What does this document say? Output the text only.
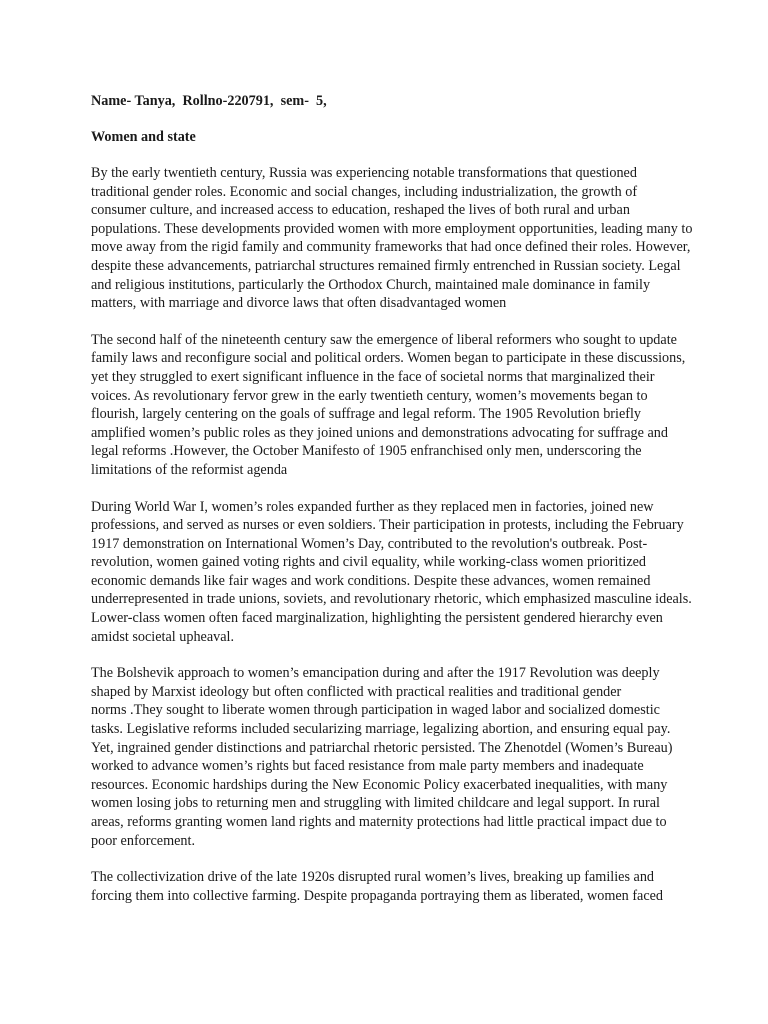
Name- Tanya,  Rollno-220791,  sem-  5,
Women and state
By the early twentieth century, Russia was experiencing notable transformations that questioned
traditional gender roles. Economic and social changes, including industrialization, the growth of
consumer culture, and increased access to education, reshaped the lives of both rural and urban
populations. These developments provided women with more employment opportunities, leading many to
move away from the rigid family and community frameworks that had once defined their roles. However,
despite these advancements, patriarchal structures remained firmly entrenched in Russian society. Legal
and religious institutions, particularly the Orthodox Church, maintained male dominance in family
matters, with marriage and divorce laws that often disadvantaged women
The second half of the nineteenth century saw the emergence of liberal reformers who sought to update
family laws and reconfigure social and political orders. Women began to participate in these discussions,
yet they struggled to exert significant influence in the face of societal norms that marginalized their
voices. As revolutionary fervor grew in the early twentieth century, women’s movements began to
flourish, largely centering on the goals of suffrage and legal reform. The 1905 Revolution briefly
amplified women’s public roles as they joined unions and demonstrations advocating for suffrage and
legal reforms .However, the October Manifesto of 1905 enfranchised only men, underscoring the
limitations of the reformist agenda
During World War I, women’s roles expanded further as they replaced men in factories, joined new
professions, and served as nurses or even soldiers. Their participation in protests, including the February
1917 demonstration on International Women’s Day, contributed to the revolution's outbreak. Post-
revolution, women gained voting rights and civil equality, while working-class women prioritized
economic demands like fair wages and work conditions. Despite these advances, women remained
underrepresented in trade unions, soviets, and revolutionary rhetoric, which emphasized masculine ideals.
Lower-class women often faced marginalization, highlighting the persistent gendered hierarchy even
amidst societal upheaval.
The Bolshevik approach to women’s emancipation during and after the 1917 Revolution was deeply
shaped by Marxist ideology but often conflicted with practical realities and traditional gender
norms .They sought to liberate women through participation in waged labor and socialized domestic
tasks. Legislative reforms included secularizing marriage, legalizing abortion, and ensuring equal pay.
Yet, ingrained gender distinctions and patriarchal rhetoric persisted. The Zhenotdel (Women’s Bureau)
worked to advance women’s rights but faced resistance from male party members and inadequate
resources. Economic hardships during the New Economic Policy exacerbated inequalities, with many
women losing jobs to returning men and struggling with limited childcare and legal support. In rural
areas, reforms granting women land rights and maternity protections had little practical impact due to
poor enforcement.
The collectivization drive of the late 1920s disrupted rural women’s lives, breaking up families and
forcing them into collective farming. Despite propaganda portraying them as liberated, women faced
